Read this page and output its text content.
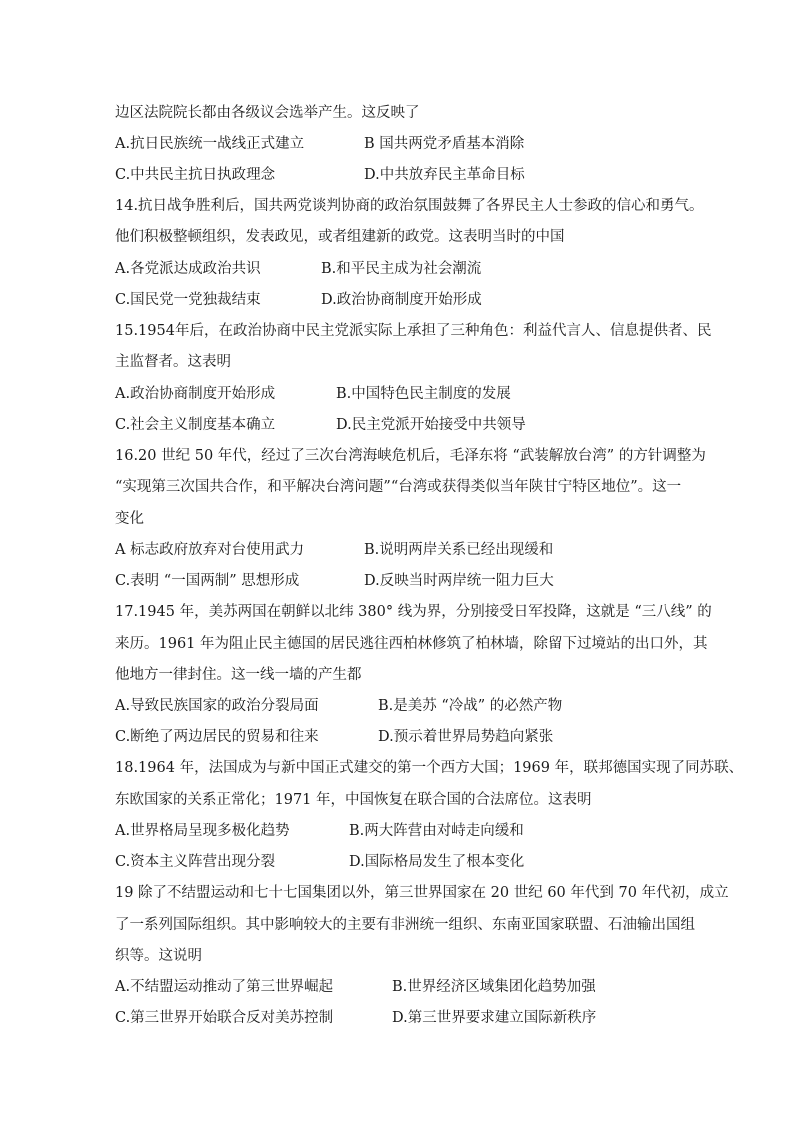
边区法院院长都由各级议会选举产生。这反映了
A.抗日民族统一战线正式建立	B 国共两党矛盾基本消除
C.中共民主抗日执政理念	D.中共放弃民主革命目标
14.抗日战争胜利后，国共两党谈判协商的政治氛围鼓舞了各界民主人士参政的信心和勇气。
他们积极整顿组织，发表政见，或者组建新的政党。这表明当时的中国
A.各党派达成政治共识	B.和平民主成为社会潮流
C.国民党一党独裁结束	D.政治协商制度开始形成
15.1954年后，在政治协商中民主党派实际上承担了三种角色：利益代言人、信息提供者、民
主监督者。这表明
A.政治协商制度开始形成	B.中国特色民主制度的发展
C.社会主义制度基本确立	D.民主党派开始接受中共领导
16.20 世纪 50 年代，经过了三次台湾海峡危机后，毛泽东将 “武装解放台湾” 的方针调整为
“实现第三次国共合作，和平解决台湾问题”“台湾或获得类似当年陕甘宁特区地位”。这一
变化
A 标志政府放弃对台使用武力	B.说明两岸关系已经出现缓和
C.表明 “一国两制” 思想形成	D.反映当时两岸统一阻力巨大
17.1945 年，美苏两国在朝鲜以北纬 380° 线为界，分别接受日军投降，这就是 “三八线” 的
来历。1961 年为阻止民主德国的居民逃往西柏林修筑了柏林墙，除留下过境站的出口外，其
他地方一律封住。这一线一墙的产生都
A.导致民族国家的政治分裂局面	B.是美苏 “冷战” 的必然产物
C.断绝了两边居民的贸易和往来	D.预示着世界局势趋向紧张
18.1964 年，法国成为与新中国正式建交的第一个西方大国；1969 年，联邦德国实现了同苏联、
东欧国家的关系正常化；1971 年，中国恢复在联合国的合法席位。这表明
A.世界格局呈现多极化趋势	B.两大阵营由对峙走向缓和
C.资本主义阵营出现分裂	D.国际格局发生了根本变化
19 除了不结盟运动和七十七国集团以外，第三世界国家在 20 世纪 60 年代到 70 年代初，成立
了一系列国际组织。其中影响较大的主要有非洲统一组织、东南亚国家联盟、石油输出国组
织等。这说明
A.不结盟运动推动了第三世界崛起	B.世界经济区域集团化趋势加强
C.第三世界开始联合反对美苏控制	D.第三世界要求建立国际新秩序
